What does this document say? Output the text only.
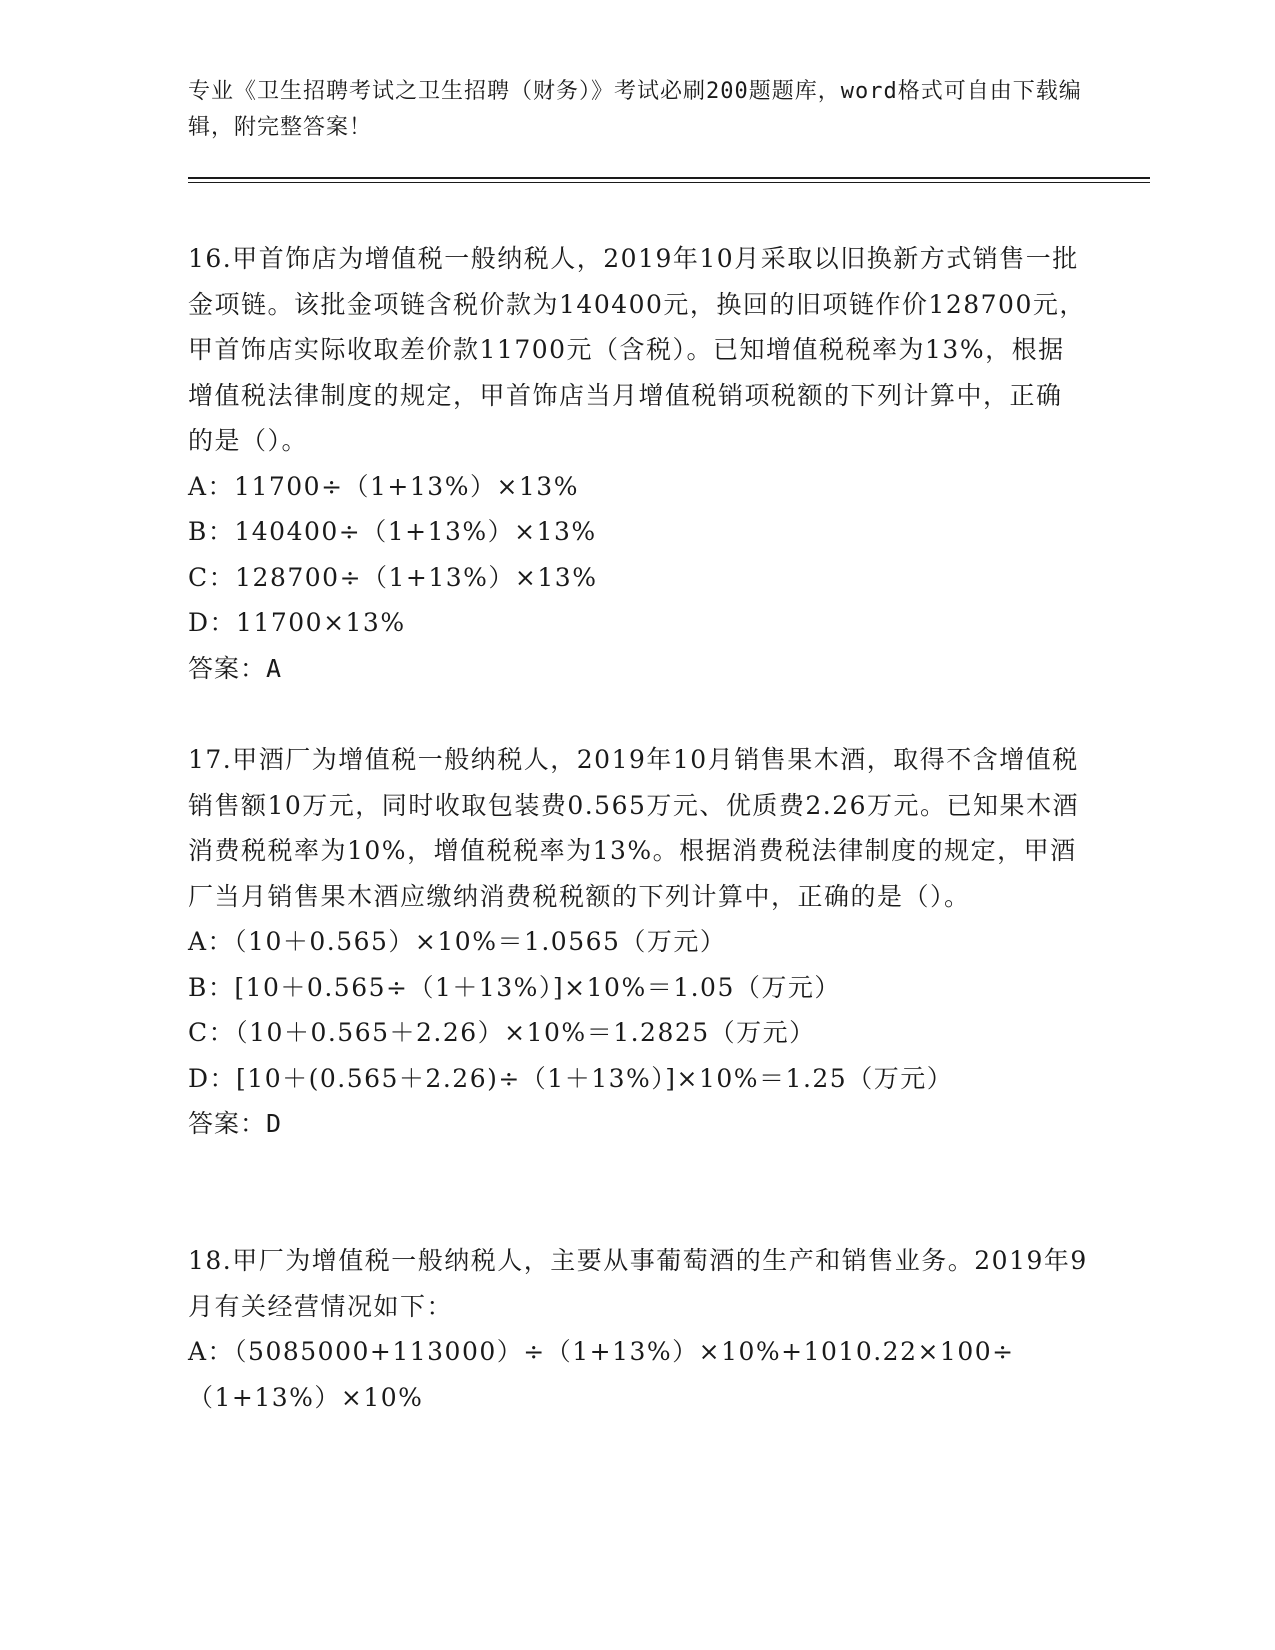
专业《卫生招聘考试之卫生招聘（财务）》考试必刷200题题库，word格式可自由下载编辑，附完整答案！

16.甲首饰店为增值税一般纳税人，2019年10月采取以旧换新方式销售一批金项链。该批金项链含税价款为140400元，换回的旧项链作价128700元，甲首饰店实际收取差价款11700元（含税）。已知增值税税率为13%，根据增值税法律制度的规定，甲首饰店当月增值税销项税额的下列计算中，正确的是（）。

A：11700÷（1+13%）×13%

B：140400÷（1+13%）×13%

C：128700÷（1+13%）×13%

D：11700×13%

答案：A

17.甲酒厂为增值税一般纳税人，2019年10月销售果木酒，取得不含增值税销售额10万元，同时收取包装费0.565万元、优质费2.26万元。已知果木酒消费税税率为10%，增值税税率为13%。根据消费税法律制度的规定，甲酒厂当月销售果木酒应缴纳消费税税额的下列计算中，正确的是（）。

A：（10＋0.565）×10%＝1.0565（万元）

B：[10＋0.565÷（1＋13%）]×10%＝1.05（万元）

C：（10＋0.565＋2.26）×10%＝1.2825（万元）

D：[10＋(0.565＋2.26)÷（1＋13%）]×10%＝1.25（万元）

答案：D

18.甲厂为增值税一般纳税人，主要从事葡萄酒的生产和销售业务。2019年9月有关经营情况如下：

A：（5085000+113000）÷（1+13%）×10%+1010.22×100÷（1+13%）×10%
